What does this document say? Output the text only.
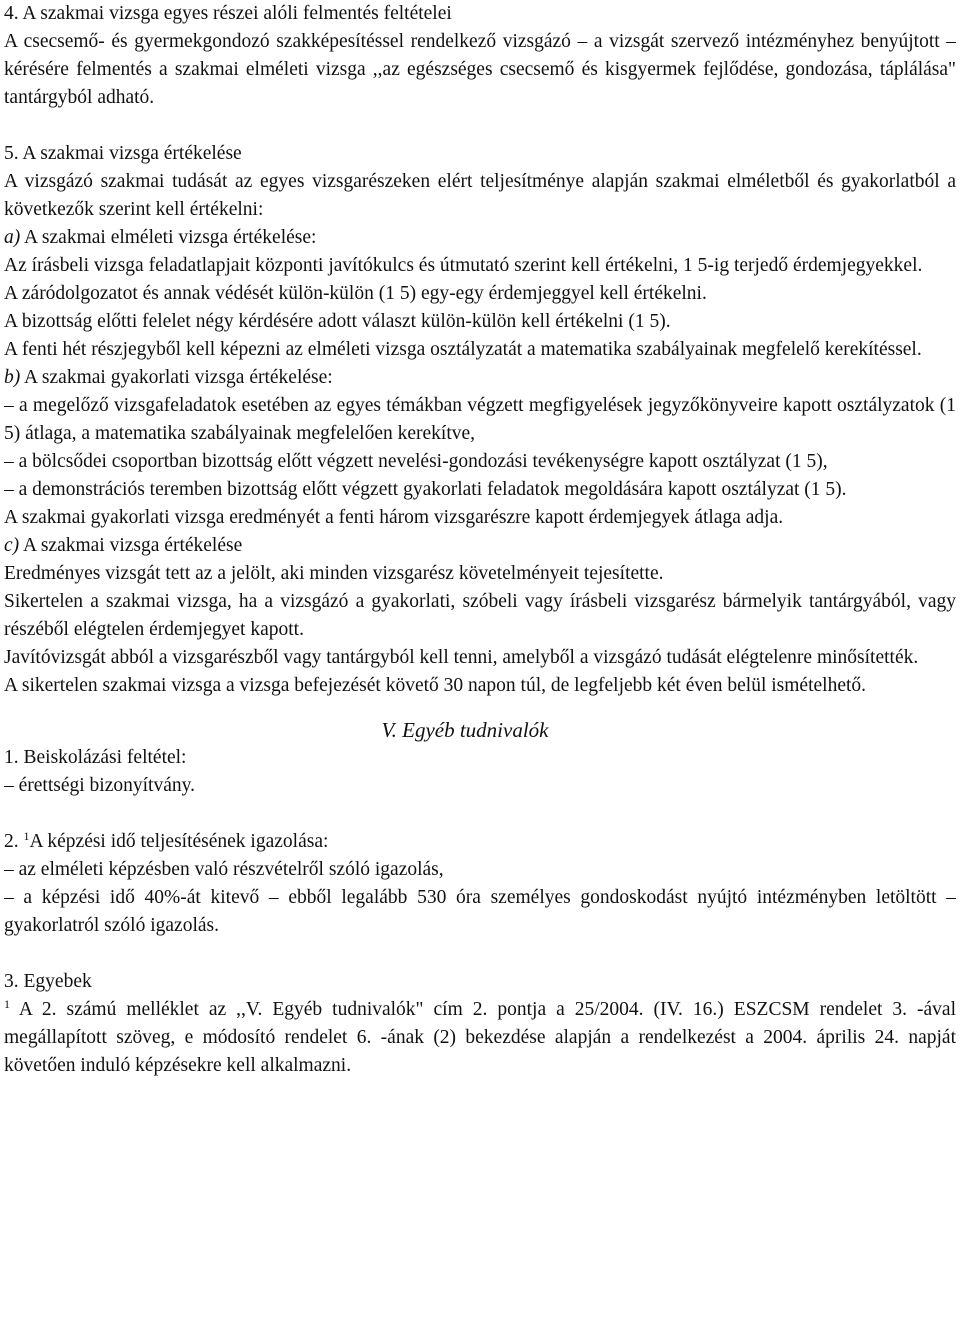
4. A szakmai vizsga egyes részei alóli felmentés feltételei

A csecsemő- és gyermekgondozó szakképesítéssel rendelkező vizsgázó – a vizsgát szervező intézményhez benyújtott – kérésére felmentés a szakmai elméleti vizsga ,,az egészséges csecsemő és kisgyermek fejlődése, gondozása, táplálása" tantárgyból adható.

5. A szakmai vizsga értékelése

A vizsgázó szakmai tudását az egyes vizsgarészeken elért teljesítménye alapján szakmai elméletből és gyakorlatból a következők szerint kell értékelni:

a) A szakmai elméleti vizsga értékelése:

Az írásbeli vizsga feladatlapjait központi javítókulcs és útmutató szerint kell értékelni, 1 5-ig terjedő érdemjegyekkel.

A záródolgozatot és annak védését külön-külön (1 5) egy-egy érdemjeggyel kell értékelni.

A bizottság előtti felelet négy kérdésére adott választ külön-külön kell értékelni (1 5).

A fenti hét részjegyből kell képezni az elméleti vizsga osztályzatát a matematika szabályainak megfelelő kerekítéssel.

b) A szakmai gyakorlati vizsga értékelése:

– a megelőző vizsgafeladatok esetében az egyes témákban végzett megfigyelések jegyzőkönyveire kapott osztályzatok (1 5) átlaga, a matematika szabályainak megfelelően kerekítve,

– a bölcsődei csoportban bizottság előtt végzett nevelési-gondozási tevékenységre kapott osztályzat (1 5),

– a demonstrációs teremben bizottság előtt végzett gyakorlati feladatok megoldására kapott osztályzat (1 5).

A szakmai gyakorlati vizsga eredményét a fenti három vizsgarészre kapott érdemjegyek átlaga adja.

c) A szakmai vizsga értékelése

Eredményes vizsgát tett az a jelölt, aki minden vizsgarész követelményeit tejesítette.

Sikertelen a szakmai vizsga, ha a vizsgázó a gyakorlati, szóbeli vagy írásbeli vizsgarész bármelyik tantárgyából, vagy részéből elégtelen érdemjegyet kapott.

Javítóvizsgát abból a vizsgarészből vagy tantárgyból kell tenni, amelyből a vizsgázó tudását elégtelenre minősítették.

A sikertelen szakmai vizsga a vizsga befejezését követő 30 napon túl, de legfeljebb két éven belül ismételhető.

V. Egyéb tudnivalók

1. Beiskolázási feltétel:

– érettségi bizonyítvány.

2. $^1$A képzési idő teljesítésének igazolása:

– az elméleti képzésben való részvételről szóló igazolás,

– a képzési idő 40%-át kitevő – ebből legalább 530 óra személyes gondoskodást nyújtó intézményben letöltött – gyakorlatról szóló igazolás.

3. Egyebek

$^1$ A 2. számú melléklet az ,,V. Egyéb tudnivalók" cím 2. pontja a 25/2004. (IV. 16.) ESZCSM rendelet 3. -ával megállapított szöveg, e módosító rendelet 6. -ának (2) bekezdése alapján a rendelkezést a 2004. április 24. napját követően induló képzésekre kell alkalmazni.
